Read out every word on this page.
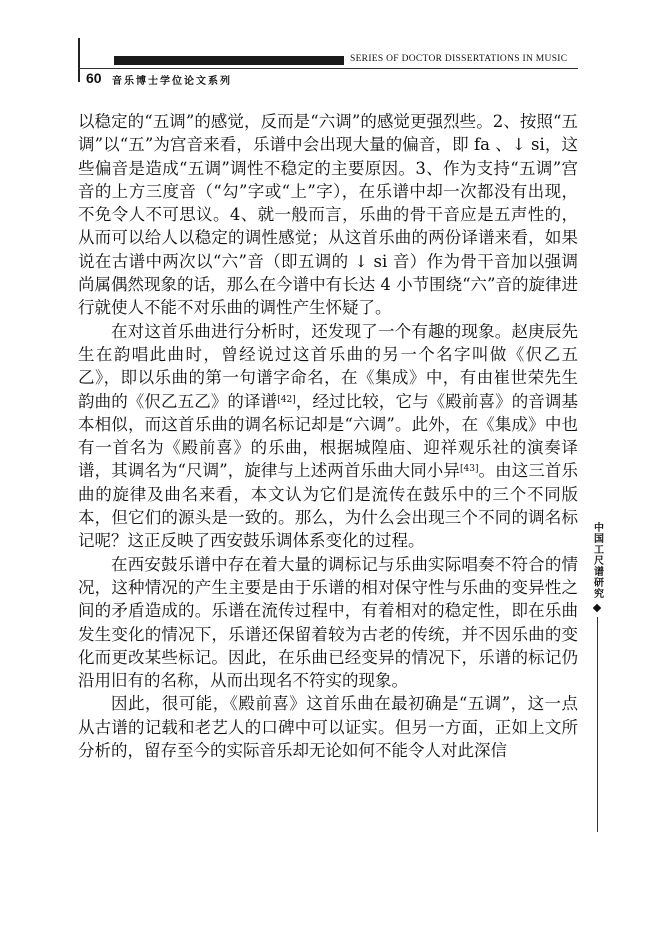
SERIES OF DOCTOR DISSERTATIONS IN MUSIC
60 音乐博士学位论文系列

以稳定的“五调”的感觉，反而是“六调”的感觉更强烈些。2、按照“五调”以“五”为宫音来看，乐谱中会出现大量的偏音，即 fa 、↓ si，这些偏音是造成“五调”调性不稳定的主要原因。3、作为支持“五调”宫音的上方三度音（“勾”字或“上”字），在乐谱中却一次都没有出现，不免令人不可思议。4、就一般而言，乐曲的骨干音应是五声性的，从而可以给人以稳定的调性感觉；从这首乐曲的两份译谱来看，如果说在古谱中两次以“六”音（即五调的 ↓ si 音）作为骨干音加以强调尚属偶然现象的话，那么在今谱中有长达 4 小节围绕“六”音的旋律进行就使人不能不对乐曲的调性产生怀疑了。

在对这首乐曲进行分析时，还发现了一个有趣的现象。赵庚辰先生在韵唱此曲时，曾经说过这首乐曲的另一个名字叫做《伬乙五乙》，即以乐曲的第一句谱字命名，在《集成》中，有由崔世荣先生韵曲的《伬乙五乙》的译谱[42]，经过比较，它与《殿前喜》的音调基本相似，而这首乐曲的调名标记却是“六调”。此外，在《集成》中也有一首名为《殿前喜》的乐曲，根据城隍庙、迎祥观乐社的演奏译谱，其调名为“尺调”，旋律与上述两首乐曲大同小异[43]。由这三首乐曲的旋律及曲名来看，本文认为它们是流传在鼓乐中的三个不同版本，但它们的源头是一致的。那么，为什么会出现三个不同的调名标记呢？这正反映了西安鼓乐调体系变化的过程。

在西安鼓乐谱中存在着大量的调标记与乐曲实际唱奏不符合的情况，这种情况的产生主要是由于乐谱的相对保守性与乐曲的变异性之间的矛盾造成的。乐谱在流传过程中，有着相对的稳定性，即在乐曲发生变化的情况下，乐谱还保留着较为古老的传统，并不因乐曲的变化而更改某些标记。因此，在乐曲已经变异的情况下，乐谱的标记仍沿用旧有的名称，从而出现名不符实的现象。

因此，很可能，《殿前喜》这首乐曲在最初确是“五调”，这一点从古谱的记载和老艺人的口碑中可以证实。但另一方面，正如上文所分析的，留存至今的实际音乐却无论如何不能令人对此深信

中国工尺谱研究
